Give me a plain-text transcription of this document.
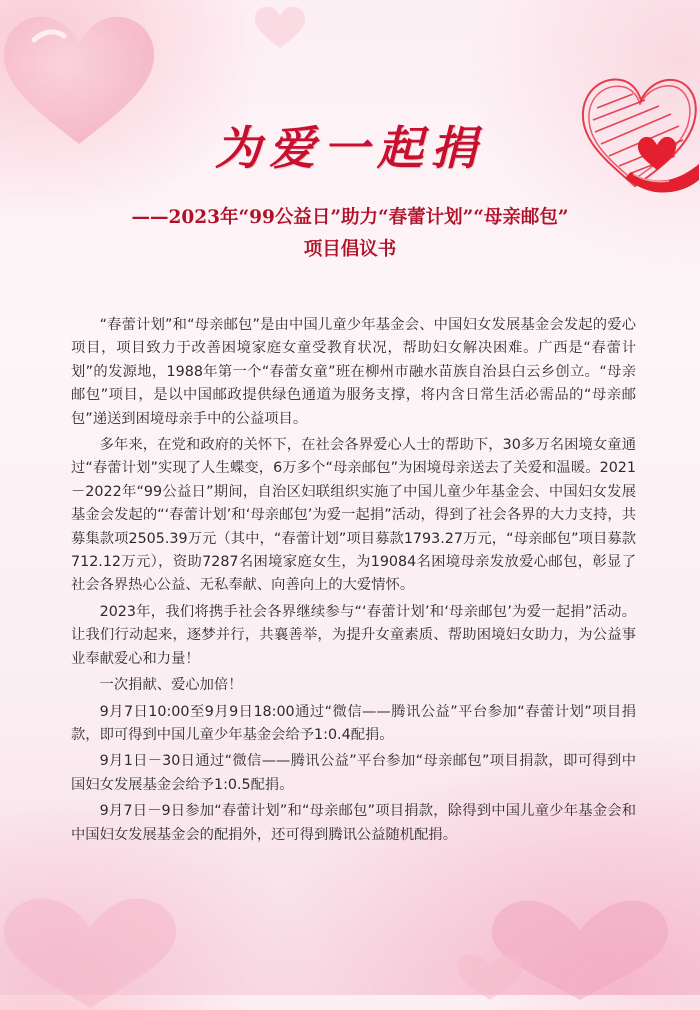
为爱一起捐
——2023年“99公益日”助力“春蕾计划”“母亲邮包”
项目倡议书

“春蕾计划”和“母亲邮包”是由中国儿童少年基金会、中国妇女发展基金会发起的爱心项目，项目致力于改善困境家庭女童受教育状况，帮助妇女解决困难。广西是“春蕾计划”的发源地，1988年第一个“春蕾女童”班在柳州市融水苗族自治县白云乡创立。“母亲邮包”项目，是以中国邮政提供绿色通道为服务支撑，将内含日常生活必需品的“母亲邮包”递送到困境母亲手中的公益项目。

多年来，在党和政府的关怀下，在社会各界爱心人士的帮助下，30多万名困境女童通过“春蕾计划”实现了人生蝶变，6万多个“母亲邮包”为困境母亲送去了关爱和温暖。2021－2022年“99公益日”期间，自治区妇联组织实施了中国儿童少年基金会、中国妇女发展基金会发起的“‘春蕾计划’和‘母亲邮包’为爱一起捐”活动，得到了社会各界的大力支持，共募集款项2505.39万元（其中，“春蕾计划”项目募款1793.27万元，“母亲邮包”项目募款712.12万元），资助7287名困境家庭女生，为19084名困境母亲发放爱心邮包，彰显了社会各界热心公益、无私奉献、向善向上的大爱情怀。

2023年，我们将携手社会各界继续参与“‘春蕾计划’和‘母亲邮包’为爱一起捐”活动。让我们行动起来，逐梦并行，共襄善举，为提升女童素质、帮助困境妇女助力，为公益事业奉献爱心和力量！

一次捐献、爱心加倍！

9月7日10:00至9月9日18:00通过“微信——腾讯公益”平台参加“春蕾计划”项目捐款，即可得到中国儿童少年基金会给予1:0.4配捐。

9月1日－30日通过“微信——腾讯公益”平台参加“母亲邮包”项目捐款，即可得到中国妇女发展基金会给予1:0.5配捐。

9月7日－9日参加“春蕾计划”和“母亲邮包”项目捐款，除得到中国儿童少年基金会和中国妇女发展基金会的配捐外，还可得到腾讯公益随机配捐。
